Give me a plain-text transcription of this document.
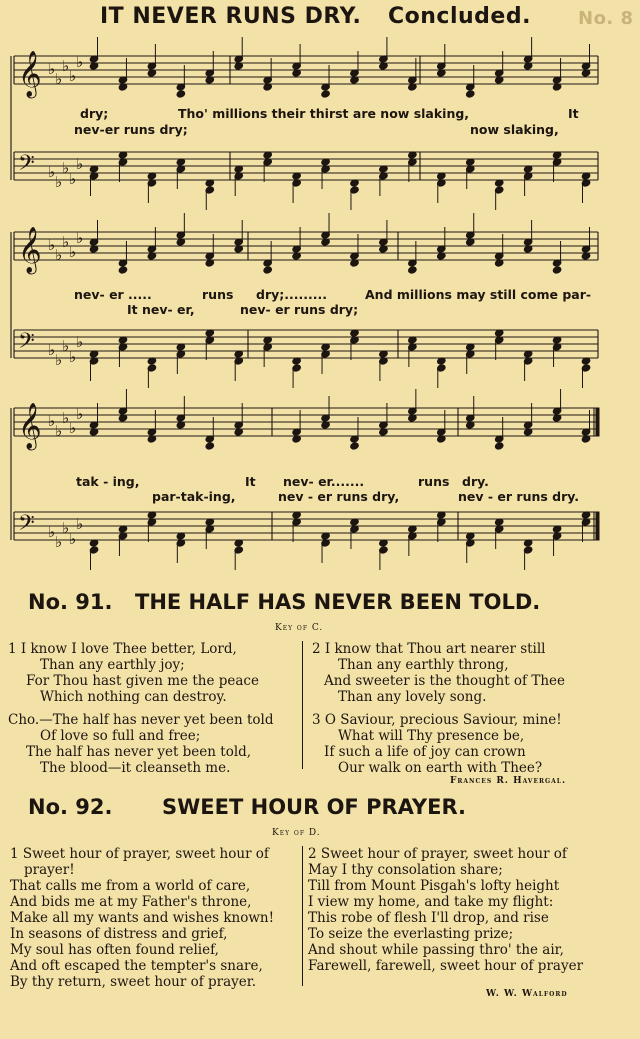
IT NEVER RUNS DRY. Concluded.	No. 8
𝄞 ♭
♭
♭
♭
♭
𝄢 ♭
♭
♭
♭
♭
𝄞 ♭
♭
♭
♭
♭
𝄢 ♭
♭
♭
♭
♭
𝄞 ♭
♭
♭
♭
♭
𝄢 ♭
♭
♭
♭
♭
dry;	Tho' millions their thirst are now slaking,	It
nev-er runs dry;	now slaking,
nev- er .....	runs dry;.........	And millions may still come par-
It nev- er,	nev- er runs dry;
tak - ing,	It nev- er.......	runs dry.
par-tak-ing,	nev - er runs dry,	nev - er runs dry.
No. 91. THE HALF HAS NEVER BEEN TOLD.
Key of C.
1 I know I love Thee better, Lord,
Than any earthly joy;
For Thou hast given me the peace
Which nothing can destroy.
Cho.—The half has never yet been told
Of love so full and free;
The half has never yet been told,
The blood—it cleanseth me.
2 I know that Thou art nearer still
Than any earthly throng,
And sweeter is the thought of Thee
Than any lovely song.
3 O Saviour, precious Saviour, mine!
What will Thy presence be,
If such a life of joy can crown
Our walk on earth with Thee?
Frances R. Havergal.
No. 92. SWEET HOUR OF PRAYER.
Key of D.
1 Sweet hour of prayer, sweet hour of
prayer!
That calls me from a world of care,
And bids me at my Father's throne,
Make all my wants and wishes known!
In seasons of distress and grief,
My soul has often found relief,
And oft escaped the tempter's snare,
By thy return, sweet hour of prayer.
2 Sweet hour of prayer, sweet hour of
May I thy consolation share;
Till from Mount Pisgah's lofty height
I view my home, and take my flight:
This robe of flesh I'll drop, and rise
To seize the everlasting prize;
And shout while passing thro' the air,
Farewell, farewell, sweet hour of prayer
W. W. Walford
